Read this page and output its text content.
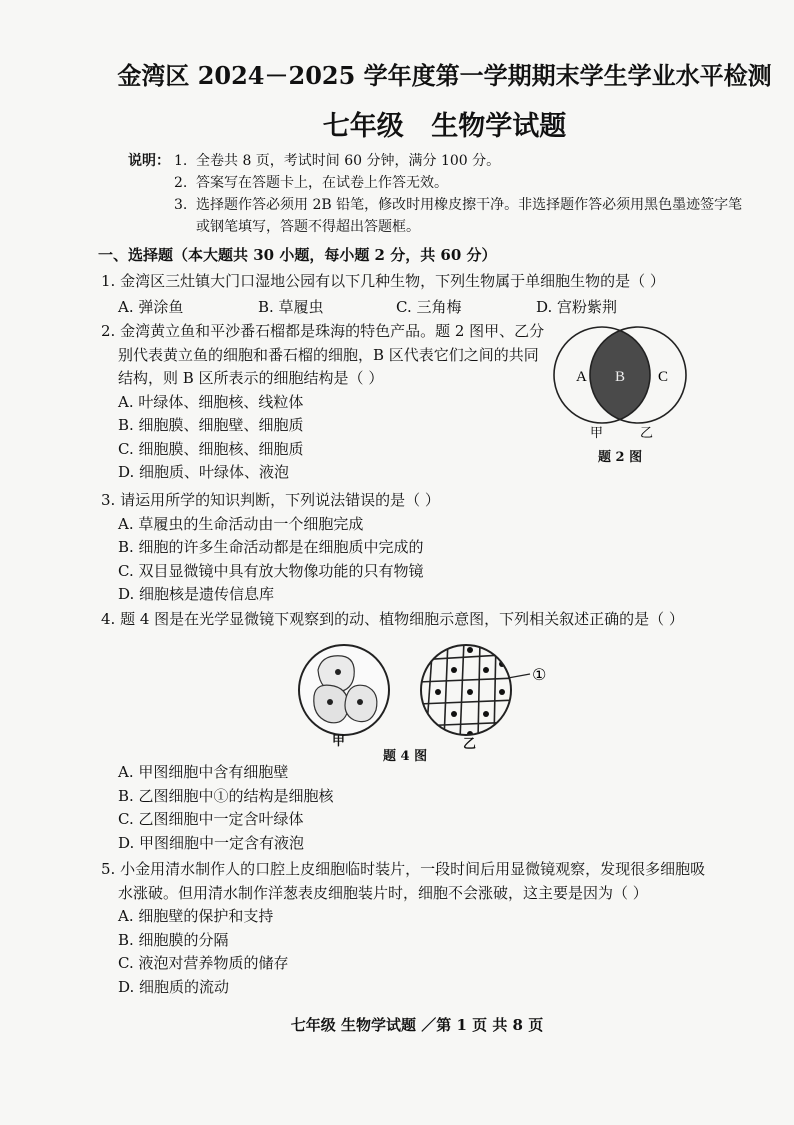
金湾区 2024－2025 学年度第一学期期末学生学业水平检测
七年级 生物学试题
说明： 1. 全卷共 8 页，考试时间 60 分钟，满分 100 分。
2. 答案写在答题卡上，在试卷上作答无效。
3. 选择题作答必须用 2B 铅笔，修改时用橡皮擦干净。非选择题作答必须用黑色墨迹签字笔或钢笔填写，答题不得超出答题框。
一、选择题（本大题共 30 小题，每小题 2 分，共 60 分）
1. 金湾区三灶镇大门口湿地公园有以下几种生物，下列生物属于单细胞生物的是（ ）
A. 弹涂鱼	B. 草履虫	C. 三角梅	D. 宫粉紫荆
2. 金湾黄立鱼和平沙番石榴都是珠海的特色产品。题 2 图甲、乙分
别代表黄立鱼的细胞和番石榴的细胞，B 区代表它们之间的共同
结构，则 B 区所表示的细胞结构是（ ）
A. 叶绿体、细胞核、线粒体
B. 细胞膜、细胞壁、细胞质
C. 细胞膜、细胞核、细胞质
D. 细胞质、叶绿体、液泡
A B C
甲	乙
题 2 图
3. 请运用所学的知识判断，下列说法错误的是（ ）
A. 草履虫的生命活动由一个细胞完成
B. 细胞的许多生命活动都是在细胞质中完成的
C. 双目显微镜中具有放大物像功能的只有物镜
D. 细胞核是遗传信息库
4. 题 4 图是在光学显微镜下观察到的动、植物细胞示意图，下列相关叙述正确的是（ ）
①
甲	乙
题 4 图
A. 甲图细胞中含有细胞壁
B. 乙图细胞中①的结构是细胞核
C. 乙图细胞中一定含叶绿体
D. 甲图细胞中一定含有液泡
5. 小金用清水制作人的口腔上皮细胞临时装片，一段时间后用显微镜观察，发现很多细胞吸
水涨破。但用清水制作洋葱表皮细胞装片时，细胞不会涨破，这主要是因为（ ）
A. 细胞壁的保护和支持
B. 细胞膜的分隔
C. 液泡对营养物质的储存
D. 细胞质的流动
七年级 生物学试题 ／第 1 页 共 8 页
